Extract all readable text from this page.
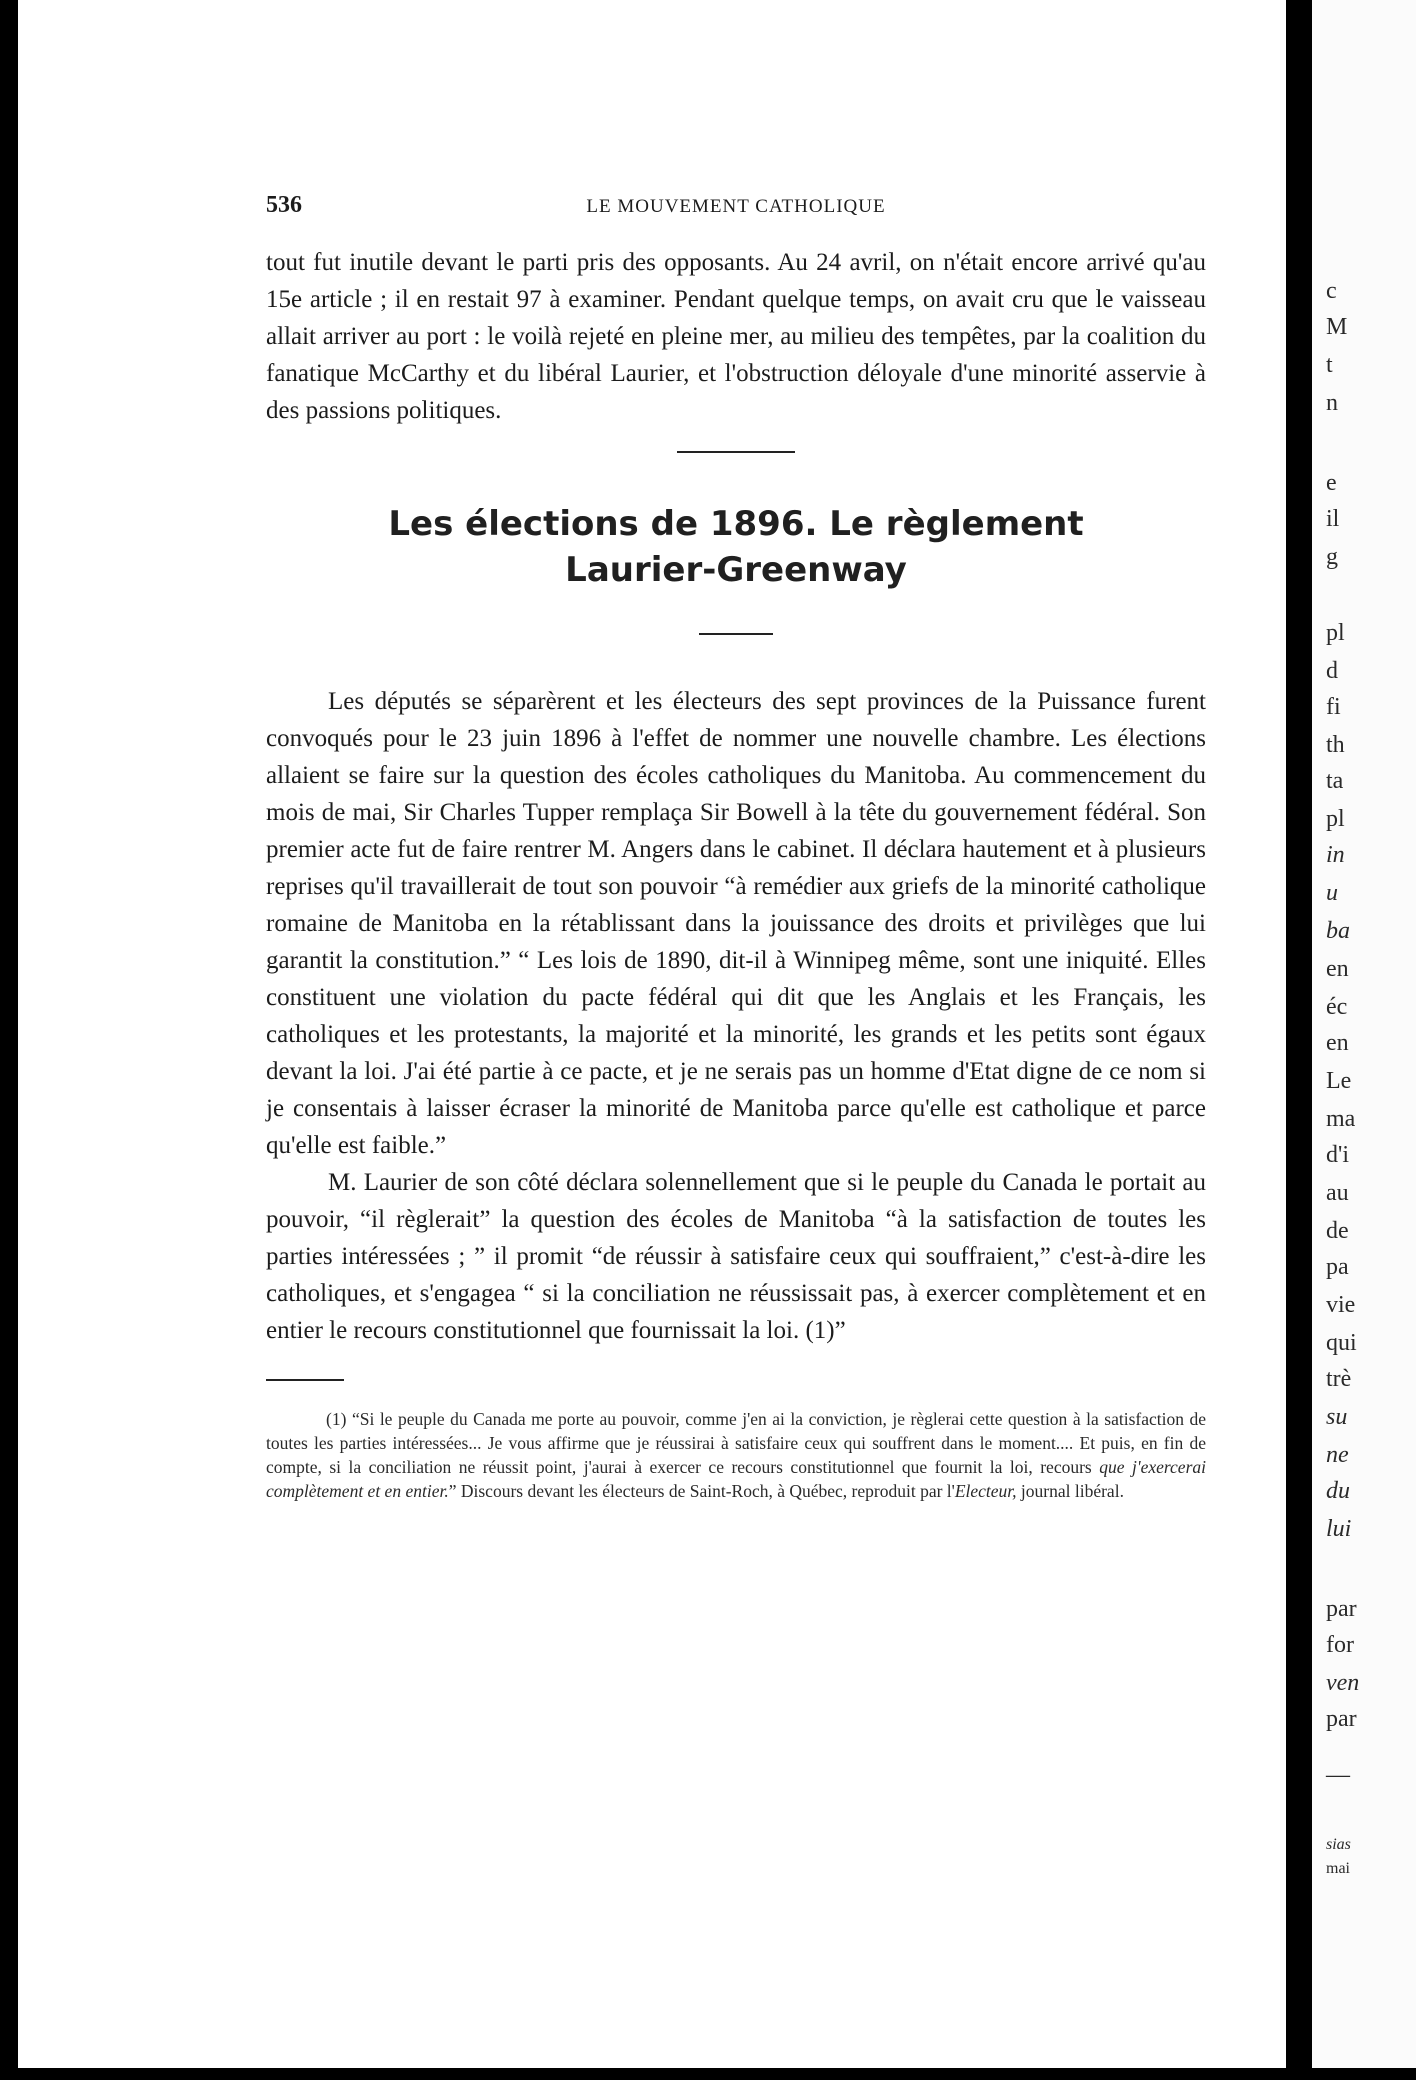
536	LE MOUVEMENT CATHOLIQUE

tout fut inutile devant le parti pris des opposants. Au 24 avril, on n'était encore arrivé qu'au 15e article ; il en restait 97 à examiner. Pendant quelque temps, on avait cru que le vaisseau allait arriver au port : le voilà rejeté en pleine mer, au milieu des tempêtes, par la coalition du fanatique McCarthy et du libéral Laurier, et l'obstruction déloyale d'une minorité asservie à des passions politiques.

Les élections de 1896. Le règlement

Laurier-Greenway

Les députés se séparèrent et les électeurs des sept provinces de la Puissance furent convoqués pour le 23 juin 1896 à l'effet de nommer une nouvelle chambre. Les élections allaient se faire sur la question des écoles catholiques du Manitoba. Au commencement du mois de mai, Sir Charles Tupper remplaça Sir Bowell à la tête du gouvernement fédéral. Son premier acte fut de faire rentrer M. Angers dans le cabinet. Il déclara hautement et à plusieurs reprises qu'il travaillerait de tout son pouvoir “à remédier aux griefs de la minorité catholique romaine de Manitoba en la rétablissant dans la jouissance des droits et privilèges que lui garantit la constitution.” “ Les lois de 1890, dit-il à Winnipeg même, sont une iniquité. Elles constituent une violation du pacte fédéral qui dit que les Anglais et les Français, les catholiques et les protestants, la majorité et la minorité, les grands et les petits sont égaux devant la loi. J'ai été partie à ce pacte, et je ne serais pas un homme d'Etat digne de ce nom si je consentais à laisser écraser la minorité de Manitoba parce qu'elle est catholique et parce qu'elle est faible.”

M. Laurier de son côté déclara solennellement que si le peuple du Canada le portait au pouvoir, “il règlerait” la question des écoles de Manitoba “à la satisfaction de toutes les parties intéressées ; ” il promit “de réussir à satisfaire ceux qui souffraient,” c'est-à-dire les catholiques, et s'engagea “ si la conciliation ne réussissait pas, à exercer complètement et en entier le recours constitutionnel que fournissait la loi. (1)”

(1) “Si le peuple du Canada me porte au pouvoir, comme j'en ai la conviction, je règlerai cette question à la satisfaction de toutes les parties intéressées... Je vous affirme que je réussirai à satisfaire ceux qui souffrent dans le moment.... Et puis, en fin de compte, si la conciliation ne réussit point, j'aurai à exercer ce recours constitutionnel que fournit la loi, recours que j'exercerai complètement et en entier.” Discours devant les électeurs de Saint-Roch, à Québec, reproduit par l'Electeur, journal libéral.

c
M
t
n
e
il
g
pl
d
fi
th
ta
pl
in
u
ba
en
éc
en
Le
ma
d'i
au
de
pa
vie
qui
trè
su
ne
du
lui
par
for
ven
par
—
sias
mai
